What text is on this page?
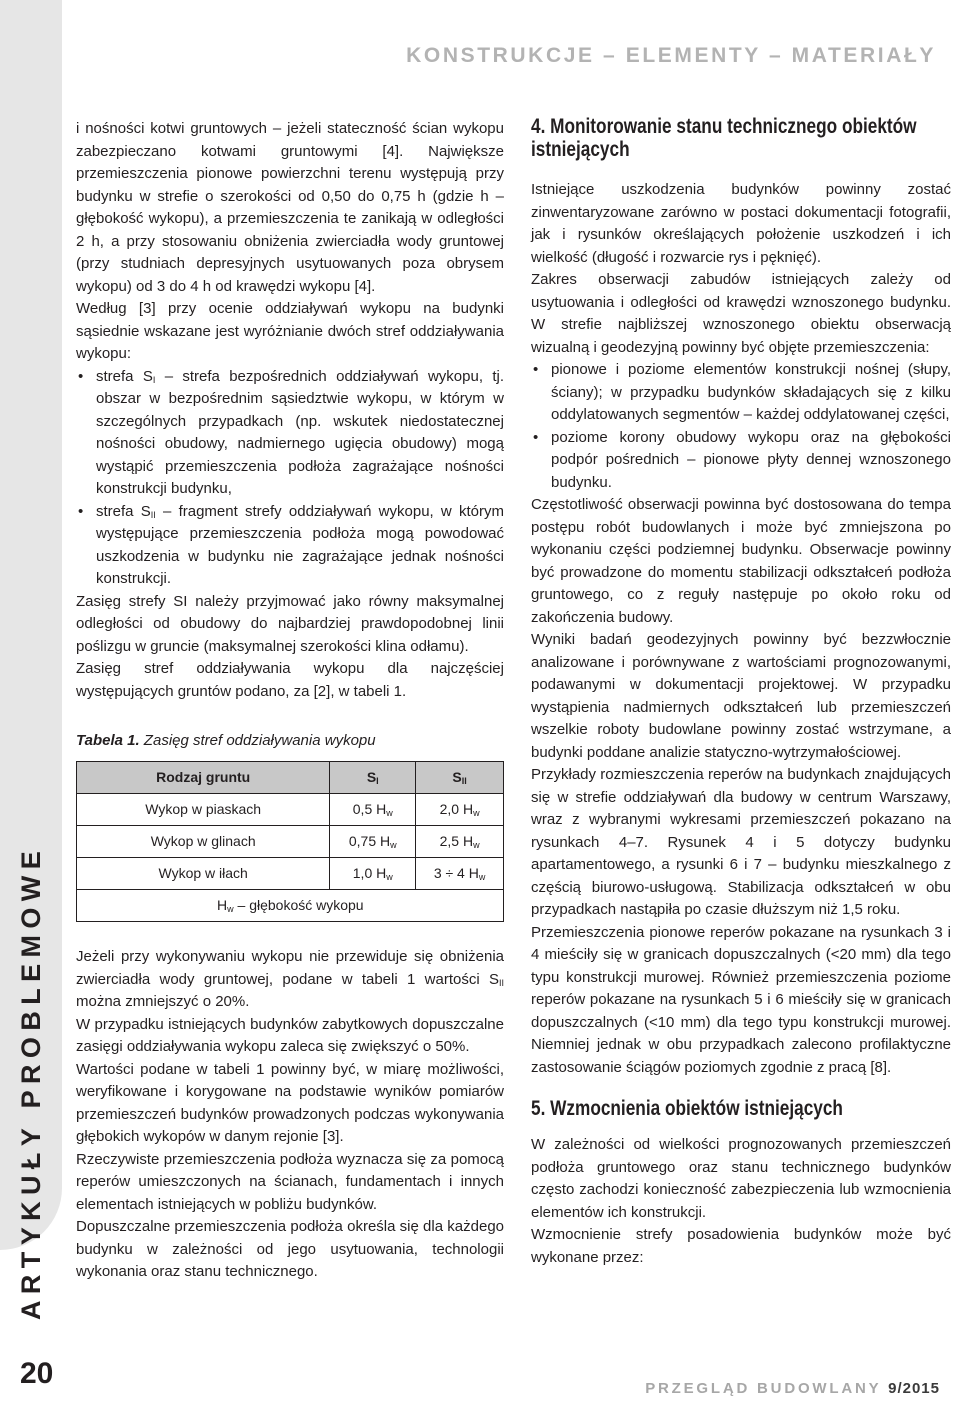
ARTYKUŁY PROBLEMOWE
20
KONSTRUKCJE – ELEMENTY – MATERIAŁY

i nośności kotwi gruntowych – jeżeli stateczność ścian wykopu zabezpieczano kotwami gruntowymi [4]. Największe przemieszczenia pionowe powierzchni terenu występują przy budynku w strefie o szerokości od 0,50 do 0,75 h (gdzie h – głębokość wykopu), a przemieszczenia te zanikają w odległości 2 h, a przy stosowaniu obniżenia zwierciadła wody gruntowej (przy studniach depresyjnych usytuowanych poza obrysem wykopu) od 3 do 4 h od krawędzi wykopu [4].

Według [3] przy ocenie oddziaływań wykopu na budynki sąsiednie wskazane jest wyróżnianie dwóch stref oddziaływania wykopu:

• strefa $S_I$ – strefa bezpośrednich oddziaływań wykopu, tj. obszar w bezpośrednim sąsiedztwie wykopu, w którym w szczególnych przypadkach (np. wskutek niedostatecznej nośności obudowy, nadmiernego ugięcia obudowy) mogą wystąpić przemieszczenia podłoża zagrażające nośności konstrukcji budynku,
• strefa $S_{II}$ – fragment strefy oddziaływań wykopu, w którym występujące przemieszczenia podłoża mogą powodować uszkodzenia w budynku nie zagrażające jednak nośności konstrukcji.

Zasięg strefy SI należy przyjmować jako równy maksymalnej odległości od obudowy do najbardziej prawdopodobnej linii poślizgu w gruncie (maksymalnej szerokości klina odłamu).

Zasięg stref oddziaływania wykopu dla najczęściej występujących gruntów podano, za [2], w tabeli 1.

Tabela 1. Zasięg stref oddziaływania wykopu
Rodzaj gruntu	$S_I$	$S_{II}$
Wykop w piaskach	0,5 $H_w$	2,0 $H_w$
Wykop w glinach	0,75 $H_w$	2,5 $H_w$
Wykop w iłach	1,0 $H_w$	3 ÷ 4 $H_w$
$H_w$ – głębokość wykopu		

Jeżeli przy wykonywaniu wykopu nie przewiduje się obniżenia zwierciadła wody gruntowej, podane w tabeli 1 wartości $S_{II}$ można zmniejszyć o 20%.

W przypadku istniejących budynków zabytkowych dopuszczalne zasięgi oddziaływania wykopu zaleca się zwiększyć o 50%.

Wartości podane w tabeli 1 powinny być, w miarę możliwości, weryfikowane i korygowane na podstawie wyników pomiarów przemieszczeń budynków prowadzonych podczas wykonywania głębokich wykopów w danym rejonie [3].

Rzeczywiste przemieszczenia podłoża wyznacza się za pomocą reperów umieszczonych na ścianach, fundamentach i innych elementach istniejących w pobliżu budynków.

Dopuszczalne przemieszczenia podłoża określa się dla każdego budynku w zależności od jego usytuowania, technologii wykonania oraz stanu technicznego.

4. Monitorowanie stanu technicznego obiektów istniejących

Istniejące uszkodzenia budynków powinny zostać zinwentaryzowane zarówno w postaci dokumentacji fotografii, jak i rysunków określających położenie uszkodzeń i ich wielkość (długość i rozwarcie rys i pęknięć).

Zakres obserwacji zabudów istniejących zależy od usytuowania i odległości od krawędzi wznoszonego budynku. W strefie najbliższej wznoszonego obiektu obserwacją wizualną i geodezyjną powinny być objęte przemieszczenia:

• pionowe i poziome elementów konstrukcji nośnej (słupy, ściany); w przypadku budynków składających się z kilku oddylatowanych segmentów – każdej oddylatowanej części,
• poziome korony obudowy wykopu oraz na głębokości podpór pośrednich – pionowe płyty dennej wznoszonego budynku.

Częstotliwość obserwacji powinna być dostosowana do tempa postępu robót budowlanych i może być zmniejszona po wykonaniu części podziemnej budynku. Obserwacje powinny być prowadzone do momentu stabilizacji odkształceń podłoża gruntowego, co z reguły następuje po około roku od zakończenia budowy.

Wyniki badań geodezyjnych powinny być bezzwłocznie analizowane i porównywane z wartościami prognozowanymi, podawanymi w dokumentacji projektowej. W przypadku wystąpienia nadmiernych odkształceń lub przemieszczeń wszelkie roboty budowlane powinny zostać wstrzymane, a budynki poddane analizie statyczno-wytrzymałościowej.

Przykłady rozmieszczenia reperów na budynkach znajdujących się w strefie oddziaływań dla budowy w centrum Warszawy, wraz z wybranymi wykresami przemieszczeń pokazano na rysunkach 4–7. Rysunek 4 i 5 dotyczy budynku apartamentowego, a rysunki 6 i 7 – budynku mieszkalnego z częścią biurowo-usługową. Stabilizacja odkształceń w obu przypadkach nastąpiła po czasie dłuższym niż 1,5 roku.

Przemieszczenia pionowe reperów pokazane na rysunkach 3 i 4 mieściły się w granicach dopuszczalnych (<20 mm) dla tego typu konstrukcji murowej. Również przemieszczenia poziome reperów pokazane na rysunkach 5 i 6 mieściły się w granicach dopuszczalnych (<10 mm) dla tego typu konstrukcji murowej. Niemniej jednak w obu przypadkach zalecono profilaktyczne zastosowanie ściągów poziomych zgodnie z pracą [8].

5. Wzmocnienia obiektów istniejących

W zależności od wielkości prognozowanych przemieszczeń podłoża gruntowego oraz stanu technicznego budynków często zachodzi konieczność zabezpieczenia lub wzmocnienia elementów ich konstrukcji.

Wzmocnienie strefy posadowienia budynków może być wykonane przez:

PRZEGLĄD BUDOWLANY 9/2015
